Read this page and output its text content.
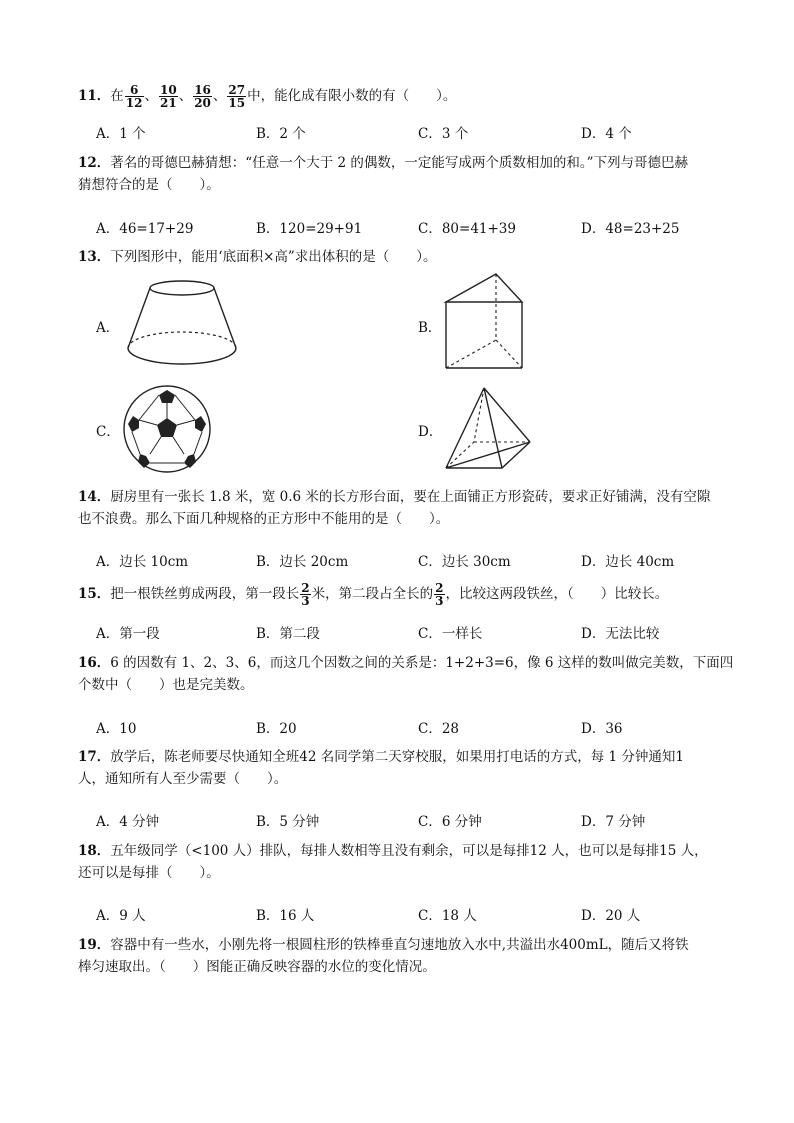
11．在 $\frac{6}{12}$ 、 $\frac{10}{21}$ 、 $\frac{16}{20}$ 、 $\frac{27}{15}$ 中，能化成有限小数的有（　　）。
A．1 个	B．2 个	C．3 个	D．4 个
12．著名的哥德巴赫猜想：“任意一个大于 2 的偶数，一定能写成两个质数相加的和。”下列与哥德巴赫
猜想符合的是（　　）。
A．46=17+29	B．120=29+91	C．80=41+39	D．48=23+25
13．下列图形中，能用‘底面积×高”求出体积的是（　　）。
A．	B．
C．	D．
14．厨房里有一张长 1.8 米，宽 0.6 米的长方形台面，要在上面铺正方形瓷砖，要求正好铺满，没有空隙
也不浪费。那么下面几种规格的正方形中不能用的是（　　）。
A．边长 10cm	B．边长 20cm	C．边长 30cm	D．边长 40cm
15．把一根铁丝剪成两段，第一段长 $\frac{2}{3}$ 米，第二段占全长的 $\frac{2}{3}$ ，比较这两段铁丝，（　　）比较长。
A．第一段	B．第二段	C．一样长	D．无法比较
16．6 的因数有 1、2、3、6，而这几个因数之间的关系是：1+2+3=6，像 6 这样的数叫做完美数，下面四
个数中（　　）也是完美数。
A．10	B．20	C．28	D．36
17．放学后，陈老师要尽快通知全班42 名同学第二天穿校服，如果用打电话的方式，每 1 分钟通知1
人，通知所有人至少需要（　　）。
A．4 分钟	B．5 分钟	C．6 分钟	D．7 分钟
18．五年级同学（<100 人）排队，每排人数相等且没有剩余，可以是每排12 人，也可以是每排15 人，
还可以是每排（　　）。
A．9 人	B．16 人	C．18 人	D．20 人
19．容器中有一些水，小刚先将一根圆柱形的铁棒垂直匀速地放入水中,共溢出水400mL，随后又将铁
棒匀速取出。（　　）图能正确反映容器的水位的变化情况。
